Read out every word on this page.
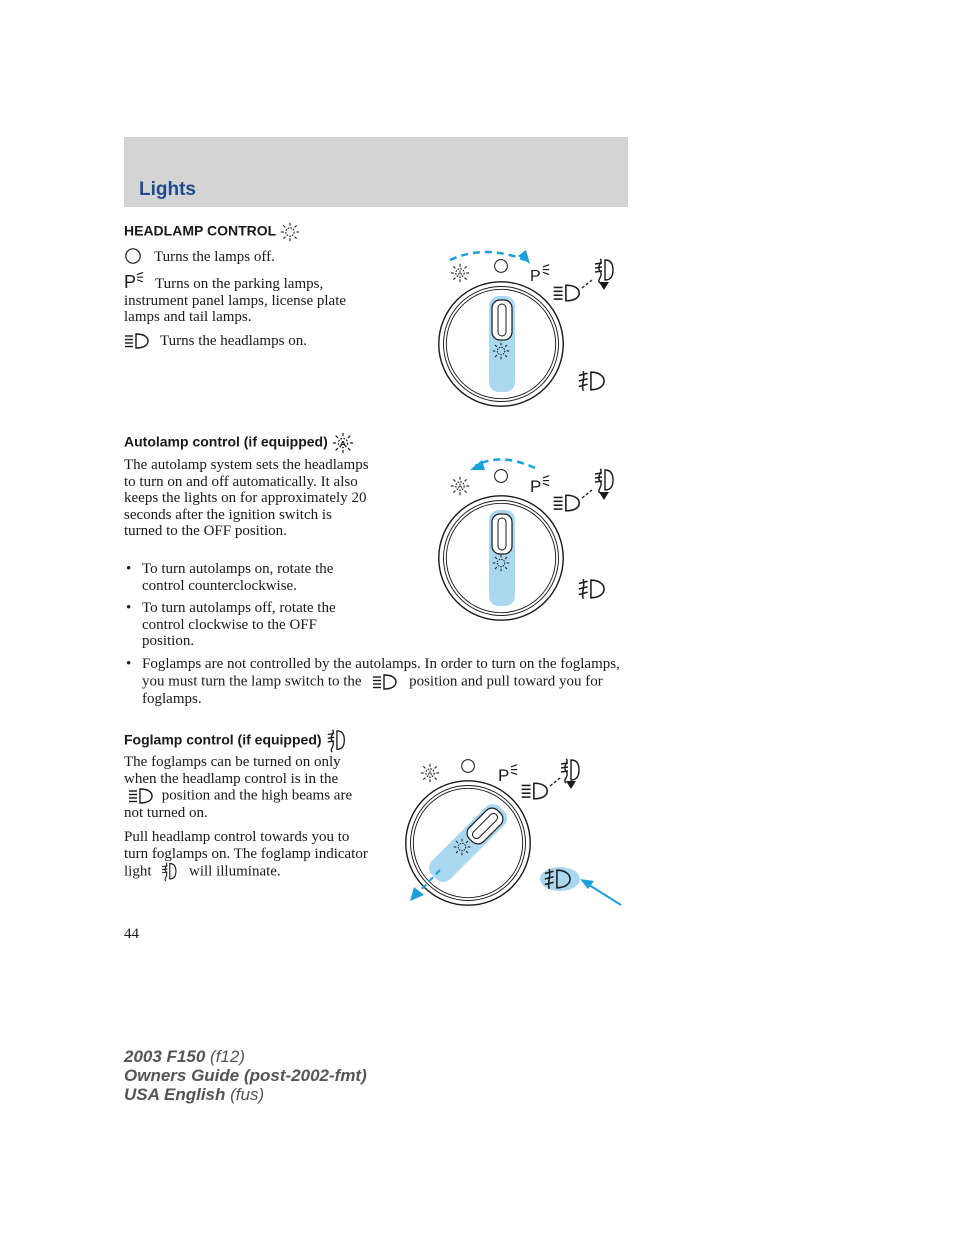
Lights
HEADLAMP CONTROL
Turns the lamps off.
P	Turns on the parking lamps, instrument panel lamps, license plate lamps and tail lamps.
Turns the headlamps on.
P
Autolamp control (if equipped)
The autolamp system sets the headlamps to turn on and off automatically. It also keeps the lights on for approximately 20 seconds after the ignition switch is turned to the OFF position.
• To turn autolamps on, rotate the control counterclockwise.
• To turn autolamps off, rotate the control clockwise to the OFF position.
• Foglamps are not controlled by the autolamps. In order to turn on the foglamps, you must turn the lamp switch to the	position and pull toward you for foglamps.
P
Foglamp control (if equipped)
The foglamps can be turned on only when the headlamp control is in the  position and the high beams are not turned on.
Pull headlamp control towards you to turn foglamps on. The foglamp indicator light	will illuminate.
P
44
2003 F150 (f12)
Owners Guide (post-2002-fmt)
USA English (fus)
